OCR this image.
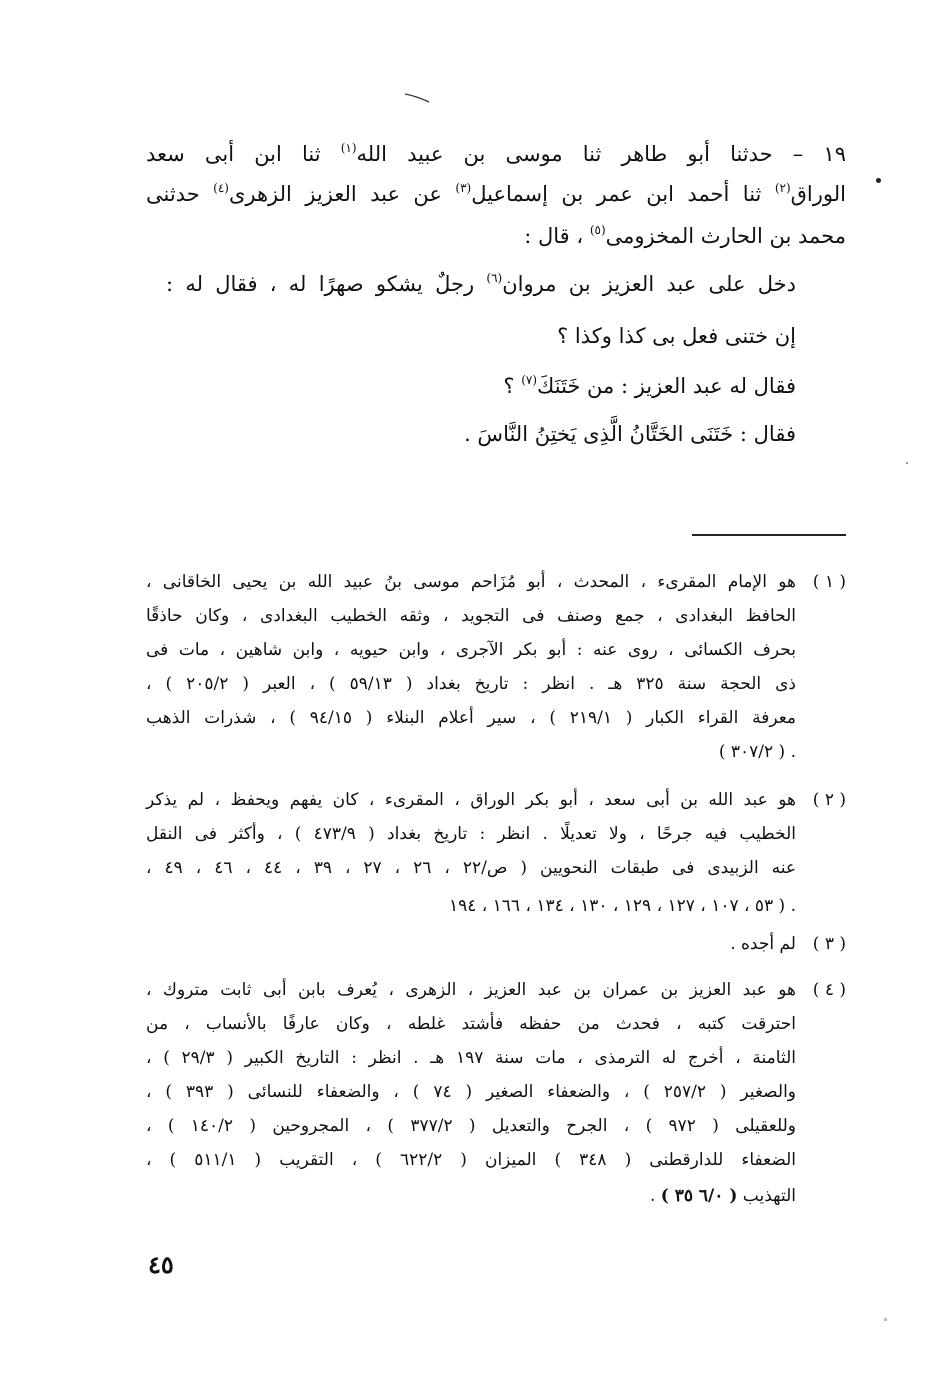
١٩ – حدثنا أبو طاهر ثنا موسى بن عبيد الله$^{(١)}$ ثنا ابن أبى سعد
الوراق$^{(٢)}$ ثنا أحمد ابن عمر بن إسماعيل$^{(٣)}$ عن عبد العزيز الزهرى$^{(٤)}$ حدثنى
محمد بن الحارث المخزومى$^{(٥)}$ ، قال :
دخل على عبد العزيز بن مروان$^{(٦)}$ رجلٌ يشكو صهرًا له ، فقال له :
إن ختنى فعل بى كذا وكذا ؟
فقال له عبد العزيز : من خَتَنَكَ$^{(٧)}$ ؟
فقال : خَتَنَى الخَتَّانُ الَّذِى يَختِنُ النَّاسَ .
( ١ )
هو الإمام المقرىء ، المحدث ، أبو مُزَاحم موسى بنُ عبيد الله بن يحيى الخاقانى ،
الحافظ البغدادى ، جمع وصنف فى التجويد ، وثقه الخطيب البغدادى ، وكان حاذقًا
بحرف الكسائى ، روى عنه : أبو بكر الآجرى ، وابن حيويه ، وابن شاهين ، مات فى
ذى الحجة سنة ٣٢٥ هـ . انظر : تاريخ بغداد ( ٥٩/١٣ ) ، العبر ( ٢٠٥/٢ ) ،
معرفة القراء الكبار ( ٢١٩/١ ) ، سير أعلام البنلاء ( ٩٤/١٥ ) ، شذرات الذهب
( ٣٠٧/٢ ) .
( ٢ )
هو عبد الله بن أبى سعد ، أبو بكر الوراق ، المقرىء ، كان يفهم ويحفظ ، لم يذكر
الخطيب فيه جرحًا ، ولا تعديلًا . انظر : تاريخ بغداد ( ٤٧٣/٩ ) ، وأكثر فى النقل
عنه الزبيدى فى طبقات النحويين ( ص/٢٢ ، ٢٦ ، ٢٧ ، ٣٩ ، ٤٤ ، ٤٦ ، ٤٩ ،
٥٣ ، ١٠٧ ، ١٢٧ ، ١٢٩ ، ١٣٠ ، ١٣٤ ، ١٦٦ ، ١٩٤ ) .
( ٣ )
لم أجده .
( ٤ )
هو عبد العزيز بن عمران بن عبد العزيز ، الزهرى ، يُعرف بابن أبى ثابت متروك ،
احترقت كتبه ، فحدث من حفظه فأشتد غلطه ، وكان عارفًا بالأنساب ، من
الثامنة ، أخرج له الترمذى ، مات سنة ١٩٧ هـ . انظر : التاريخ الكبير ( ٢٩/٣ ) ،
والصغير ( ٢٥٧/٢ ) ، والضعفاء الصغير ( ٧٤ ) ، والضعفاء للنسائى ( ٣٩٣ ) ،
وللعقيلى ( ٩٧٢ ) ، الجرح والتعديل ( ٣٧٧/٢ ) ، المجروحين ( ١٤٠/٢ ) ،
الضعفاء للدارقطنى ( ٣٤٨ ) الميزان ( ٦٢٢/٢ ) ، التقريب ( ٥١١/١ ) ،
التهذيب ( ٦/٠ ٣٥ ) .
٤٥
